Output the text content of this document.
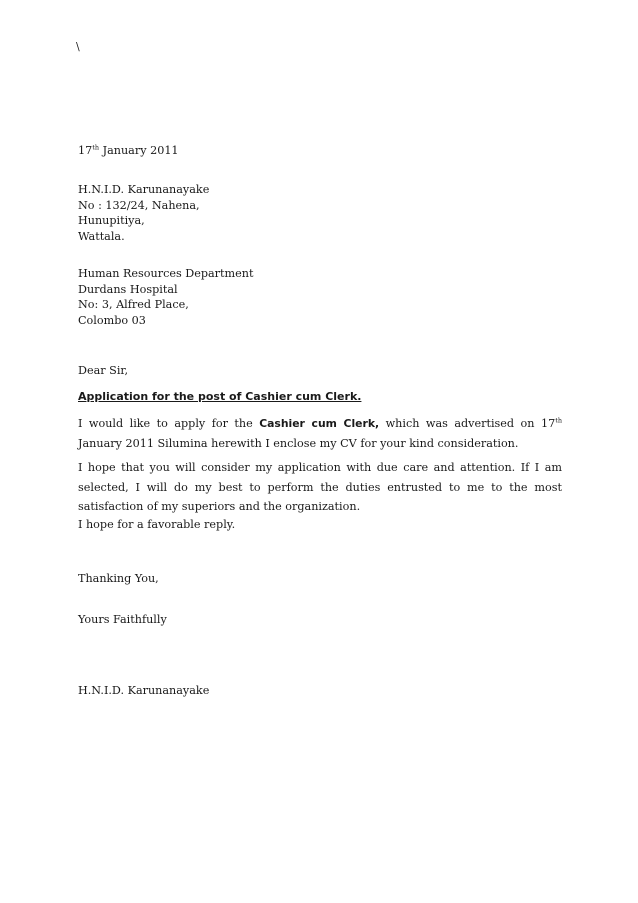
\
17th January 2011
H.N.I.D. Karunanayake
No : 132/24, Nahena,
Hunupitiya,
Wattala.
Human Resources Department
Durdans Hospital
No: 3, Alfred Place,
Colombo 03
Dear Sir,
Application for the post of Cashier cum Clerk.
I would like to apply for the Cashier cum Clerk, which was advertised on 17th
January 2011 Silumina herewith I enclose my CV for your kind consideration.
I hope that you will consider my application with due care and attention. If I am
selected, I will do my best to perform the duties entrusted to me to the most
satisfaction of my superiors and the organization.
I hope for a favorable reply.
Thanking You,
Yours Faithfully
H.N.I.D. Karunanayake
